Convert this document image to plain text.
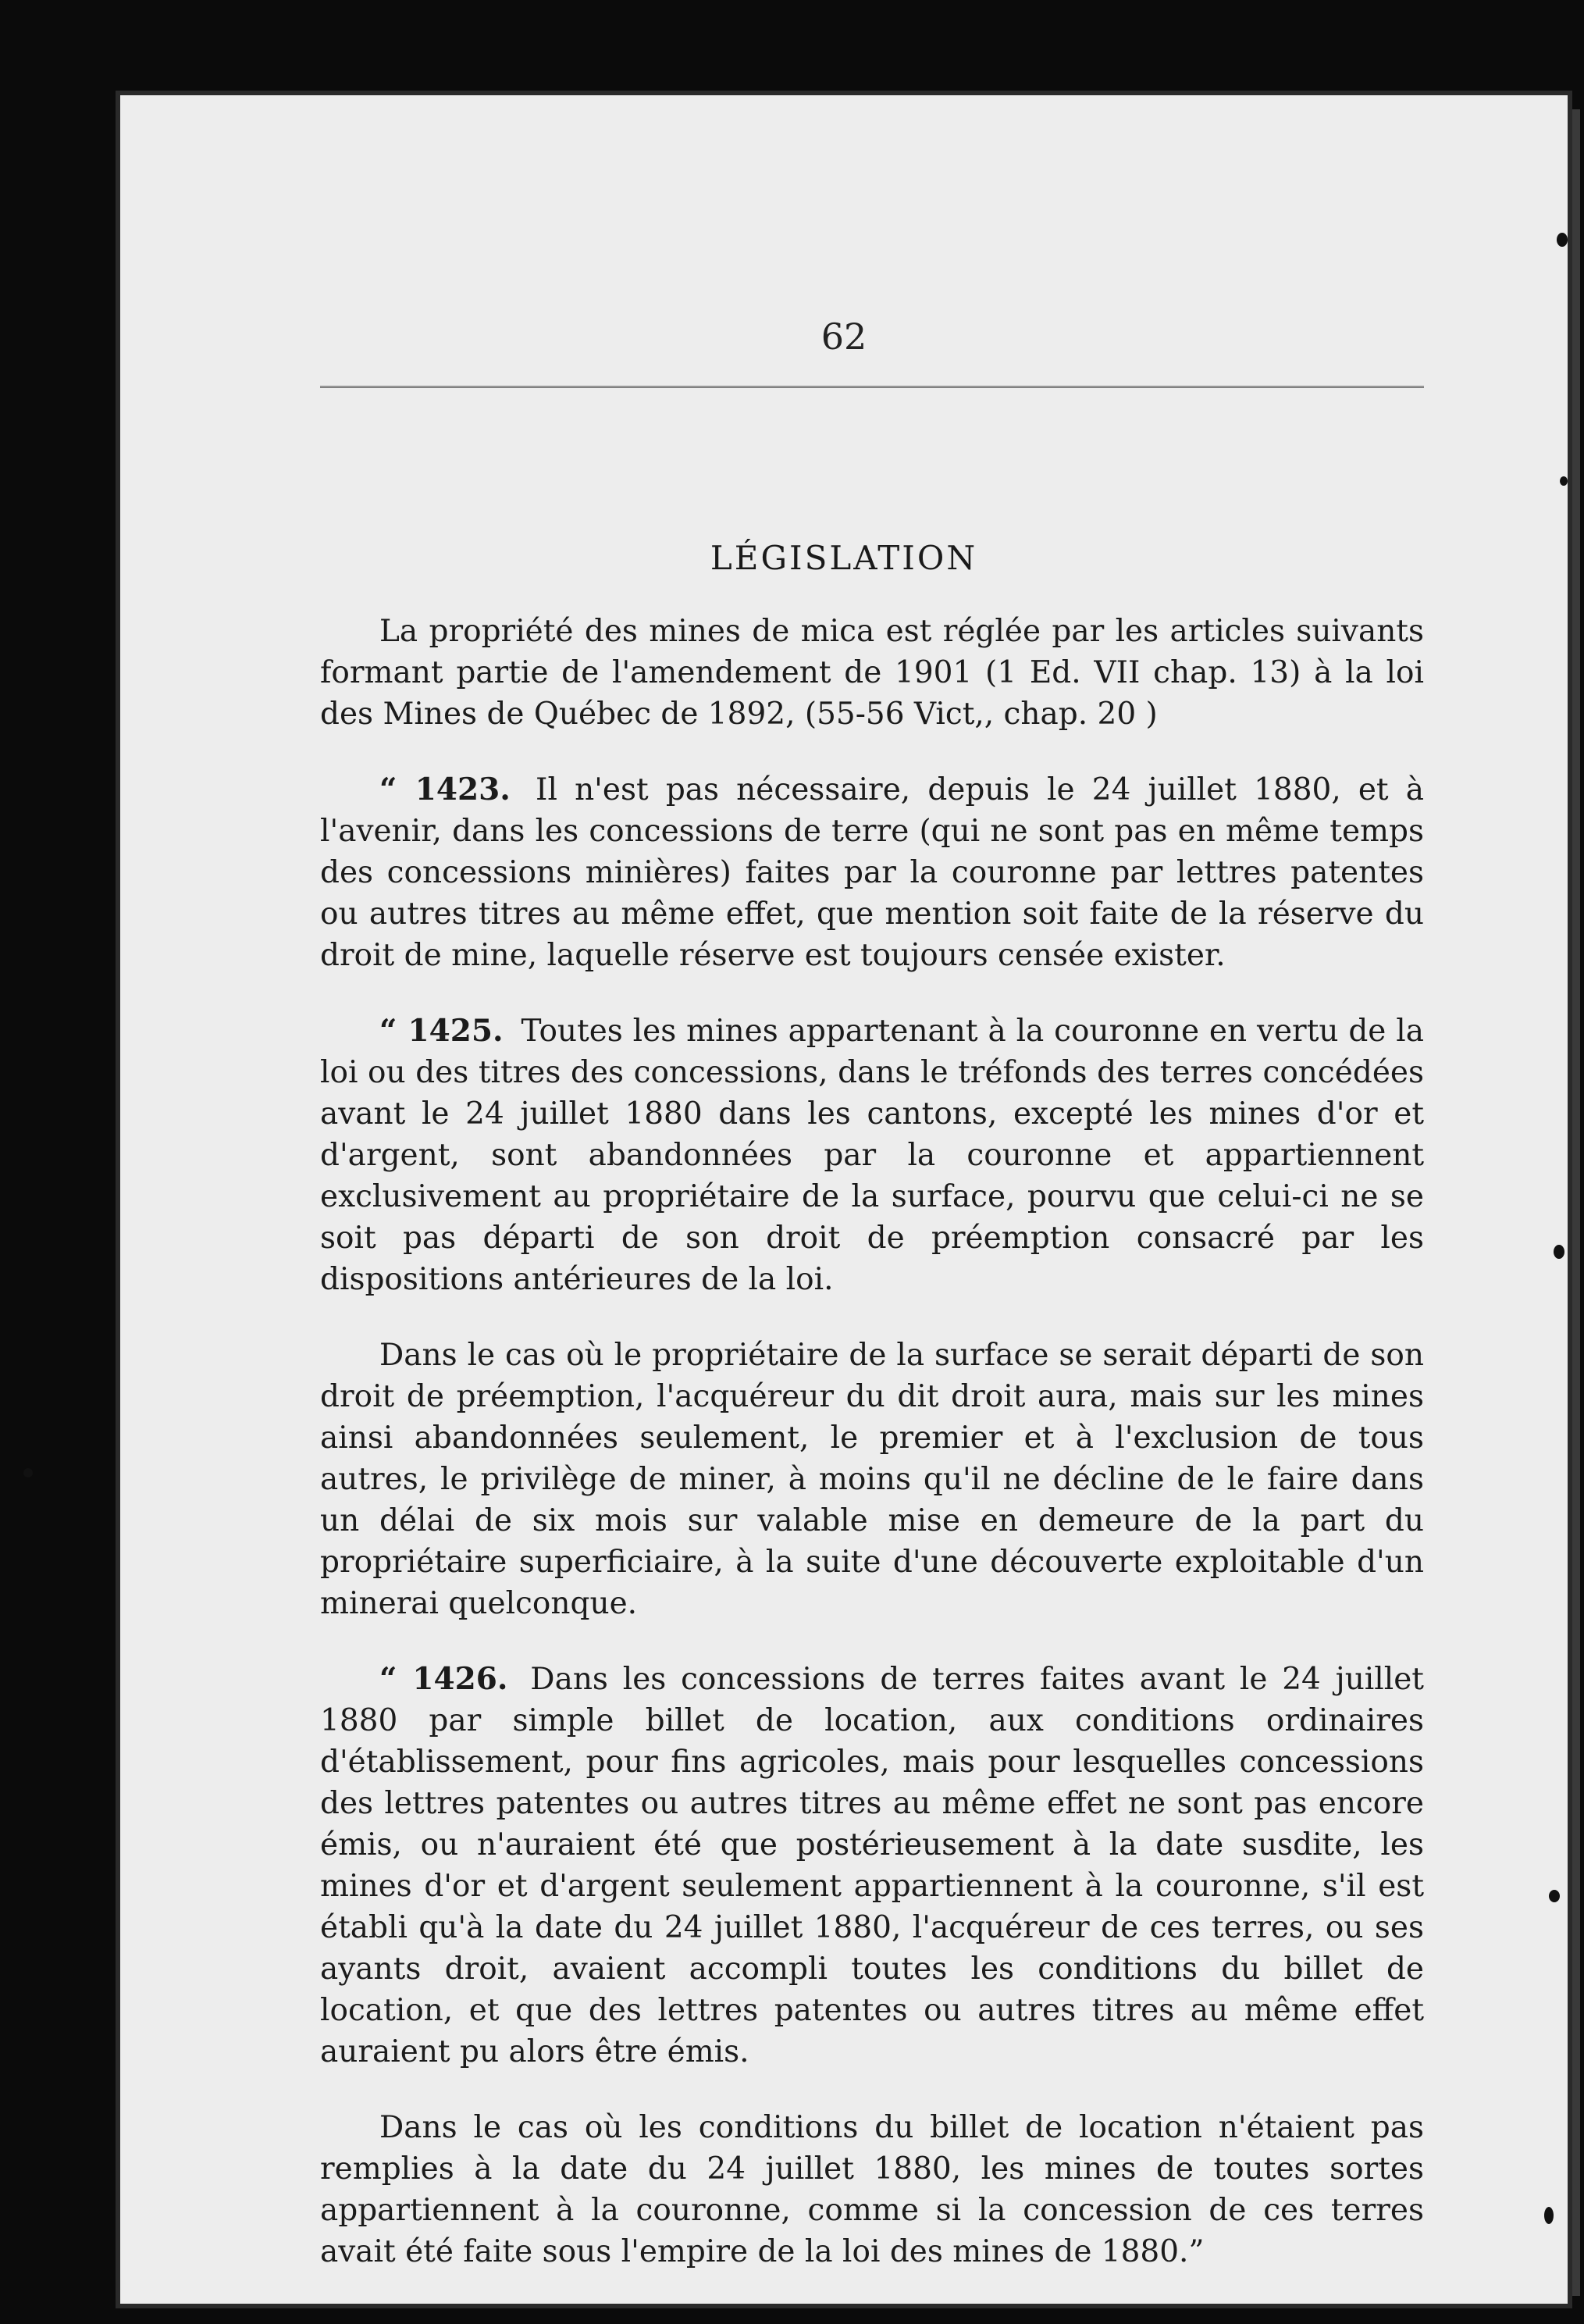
62
LÉGISLATION

La propriété des mines de mica est réglée par les articles suivants formant partie de l'amendement de 1901 (1 Ed. VII chap. 13) à la loi des Mines de Québec de 1892, (55-56 Vict,, chap. 20 )

“ 1423. Il n'est pas nécessaire, depuis le 24 juillet 1880, et à l'avenir, dans les concessions de terre (qui ne sont pas en même temps des concessions minières) faites par la couronne par lettres patentes ou autres titres au même effet, que mention soit faite de la réserve du droit de mine, laquelle réserve est toujours censée exister.

“ 1425. Toutes les mines appartenant à la couronne en vertu de la loi ou des titres des concessions, dans le tréfonds des terres concédées avant le 24 juillet 1880 dans les cantons, excepté les mines d'or et d'argent, sont abandonnées par la couronne et appartiennent exclusivement au propriétaire de la surface, pourvu que celui-ci ne se soit pas départi de son droit de préemption consacré par les dispositions antérieures de la loi.

Dans le cas où le propriétaire de la surface se serait départi de son droit de préemption, l'acquéreur du dit droit aura, mais sur les mines ainsi abandonnées seulement, le premier et à l'exclusion de tous autres, le privilège de miner, à moins qu'il ne décline de le faire dans un délai de six mois sur valable mise en demeure de la part du propriétaire superficiaire, à la suite d'une découverte exploitable d'un minerai quelconque.

“ 1426. Dans les concessions de terres faites avant le 24 juillet 1880 par simple billet de location, aux conditions ordinaires d'établissement, pour fins agricoles, mais pour lesquelles concessions des lettres patentes ou autres titres au même effet ne sont pas encore émis, ou n'auraient été que postérieusement à la date susdite, les mines d'or et d'argent seulement appartiennent à la couronne, s'il est établi qu'à la date du 24 juillet 1880, l'acquéreur de ces terres, ou ses ayants droit, avaient accompli toutes les conditions du billet de location, et que des lettres patentes ou autres titres au même effet auraient pu alors être émis.

Dans le cas où les conditions du billet de location n'étaient pas remplies à la date du 24 juillet 1880, les mines de toutes sortes appartiennent à la couronne, comme si la concession de ces terres avait été faite sous l'empire de la loi des mines de 1880.”
